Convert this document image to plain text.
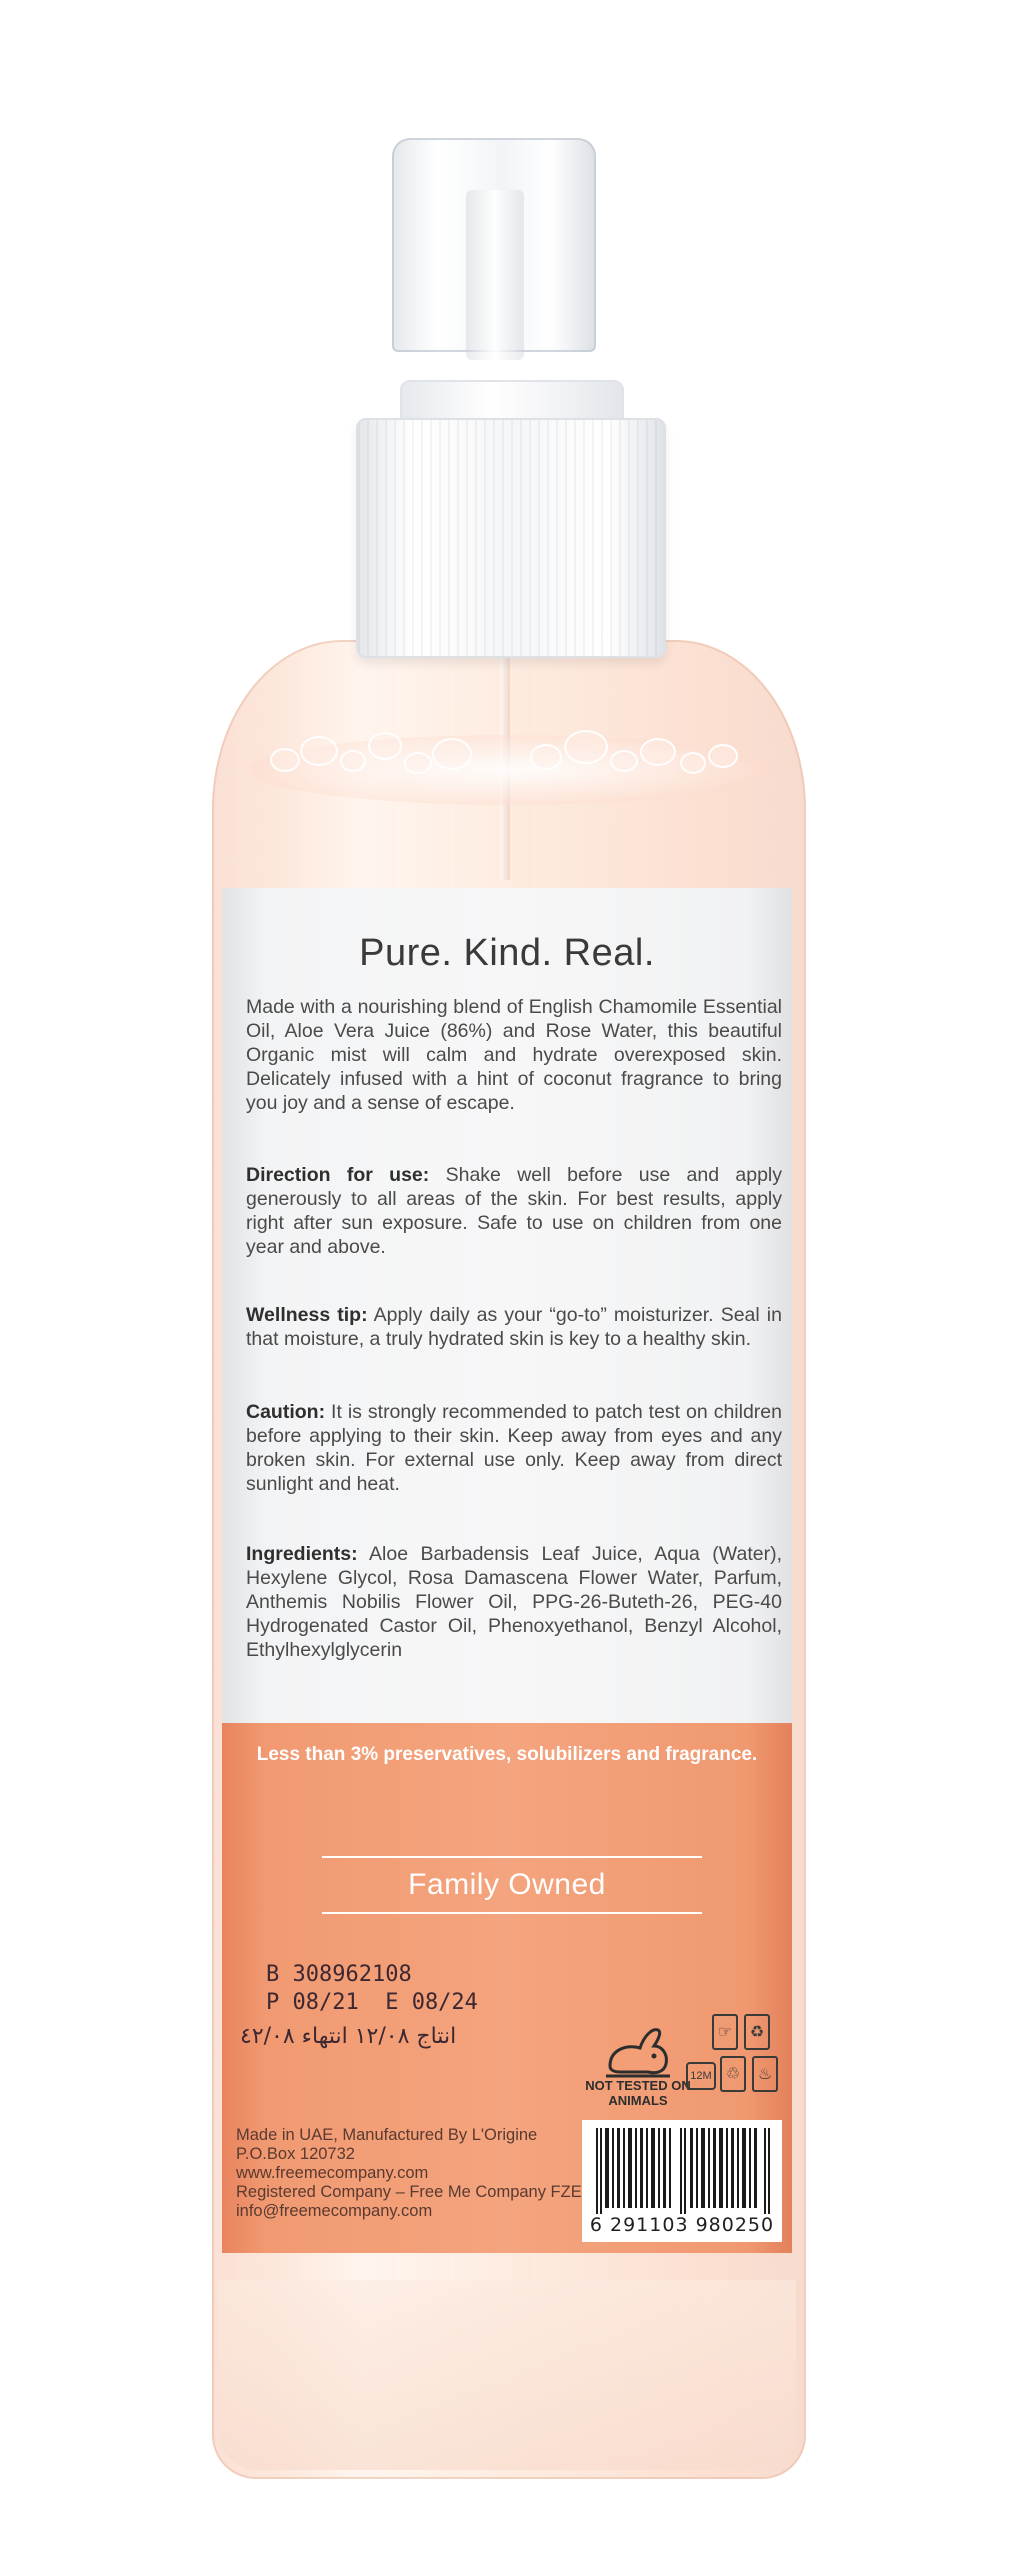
Pure. Kind. Real.

Made with a nourishing blend of English Chamomile Essential Oil, Aloe Vera Juice (86%) and Rose Water, this beautiful Organic mist will calm and hydrate overexposed skin. Delicately infused with a hint of coconut fragrance to bring you joy and a sense of escape.

Direction for use: Shake well before use and apply generously to all areas of the skin. For best results, apply right after sun exposure. Safe to use on children from one year and above.

Wellness tip: Apply daily as your “go-to” moisturizer. Seal in that moisture, a truly hydrated skin is key to a healthy skin.

Caution: It is strongly recommended to patch test on children before applying to their skin. Keep away from eyes and any broken skin. For external use only. Keep away from direct sunlight and heat.

Ingredients: Aloe Barbadensis Leaf Juice, Aqua (Water), Hexylene Glycol, Rosa Damascena Flower Water, Parfum, Anthemis Nobilis Flower Oil, PPG-26-Buteth-26, PEG-40 Hydrogenated Castor Oil, Phenoxyethanol, Benzyl Alcohol, Ethylhexylglycerin

Less than 3% preservatives, solubilizers and fragrance.
Family Owned
B 308962108
P 08/21  E 08/24
انتاج ٨٠/٢١ انتهاء ٨٠/٢٤
NOT TESTED ON ANIMALS
☞	♻
12M ♲	♨
Made in UAE, Manufactured By L'Origine
P.O.Box 120732
www.freemecompany.com
Registered Company – Free Me Company FZE
info@freemecompany.com
6 291103 980250
